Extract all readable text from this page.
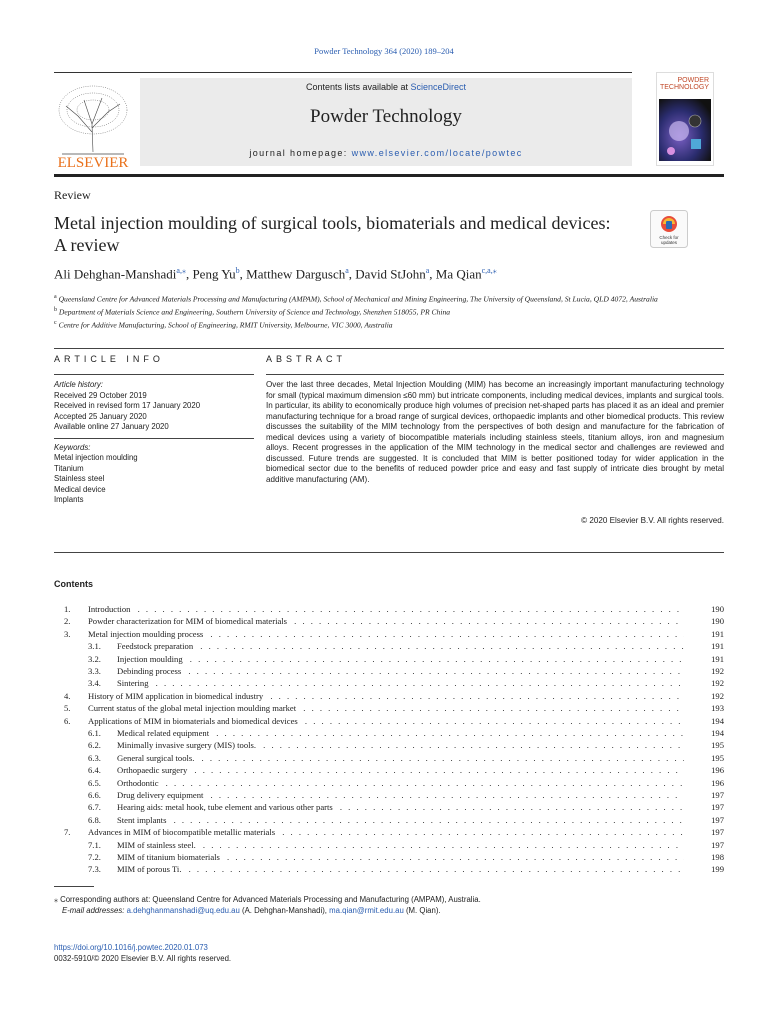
Powder Technology 364 (2020) 189–204
ELSEVIER
Contents lists available at ScienceDirect
Powder Technology
journal homepage: www.elsevier.com/locate/powtec
POWDER
TECHNOLOGY
Review
Metal injection moulding of surgical tools, biomaterials and medical devices: A review	Check for
updates
Ali Dehghan-Manshadi$^{a,⁎}$, Peng Yu$^b$, Matthew Dargusch$^a$, David StJohn$^a$, Ma Qian$^{c,a,⁎}$
$^a$ Queensland Centre for Advanced Materials Processing and Manufacturing (AMPAM), School of Mechanical and Mining Engineering, The University of Queensland, St Lucia, QLD 4072, Australia
$^b$ Department of Materials Science and Engineering, Southern University of Science and Technology, Shenzhen 518055, PR China
$^c$ Centre for Additive Manufacturing, School of Engineering, RMIT University, Melbourne, VIC 3000, Australia
ARTICLE INFO	ABSTRACT
Article history:
Received 29 October 2019
Received in revised form 17 January 2020
Accepted 25 January 2020
Available online 27 January 2020
Keywords:
Metal injection moulding
Titanium
Stainless steel
Medical device
Implants
Over the last three decades, Metal Injection Moulding (MIM) has become an increasingly important manufacturing technology for small (typical maximum dimension ≤60 mm) but intricate components, including medical devices, implants and surgical tools. In particular, its ability to economically produce high volumes of precision net-shaped parts has placed it as an ideal and premier manufacturing technique for a broad range of surgical devices, orthopaedic implants and other biomedical products. This review discusses the suitability of the MIM technology from the perspectives of both design and manufacture for the fabrication of medical devices using a variety of biocompatible materials including stainless steels, titanium alloys, iron and magnesium alloys. Recent progresses in the application of the MIM technology in the medical sector and challenges are reviewed and discussed. Future trends are suggested. It is concluded that MIM is better positioned today for wider application in the biomedical sector due to the benefits of reduced powder price and easy and fast supply of intricate dies brought by metal additive manufacturing (AM).
© 2020 Elsevier B.V. All rights reserved.
Contents
1. Introduction . . .	190
2. Powder characterization for MIM of biomedical materials . . .	190
3. Metal injection moulding process . . .	191
3.1. Feedstock preparation . . .	191
3.2. Injection moulding . . .	191
3.3. Debinding process . . .	192
3.4. Sintering . . .	192
4. History of MIM application in biomedical industry . . .	192
5. Current status of the global metal injection moulding market . . .	193
6. Applications of MIM in biomaterials and biomedical devices . . .	194
6.1. Medical related equipment . . .	194
6.2. Minimally invasive surgery (MIS) tools. . . .	195
6.3. General surgical tools. . . .	195
6.4. Orthopaedic surgery . . .	196
6.5. Orthodontic . . .	196
6.6. Drug delivery equipment . . .	197
6.7. Hearing aids: metal hook, tube element and various other parts . . .	197
6.8. Stent implants . . .	197
7. Advances in MIM of biocompatible metallic materials . . .	197
7.1. MIM of stainless steel. . . .	197
7.2. MIM of titanium biomaterials . . .	198
7.3. MIM of porous Ti. . . .	199
⁎ Corresponding authors at: Queensland Centre for Advanced Materials Processing and Manufacturing (AMPAM), Australia.
E-mail addresses: a.dehghanmanshadi@uq.edu.au (A. Dehghan-Manshadi), ma.qian@rmit.edu.au (M. Qian).
https://doi.org/10.1016/j.powtec.2020.01.073
0032-5910/© 2020 Elsevier B.V. All rights reserved.
